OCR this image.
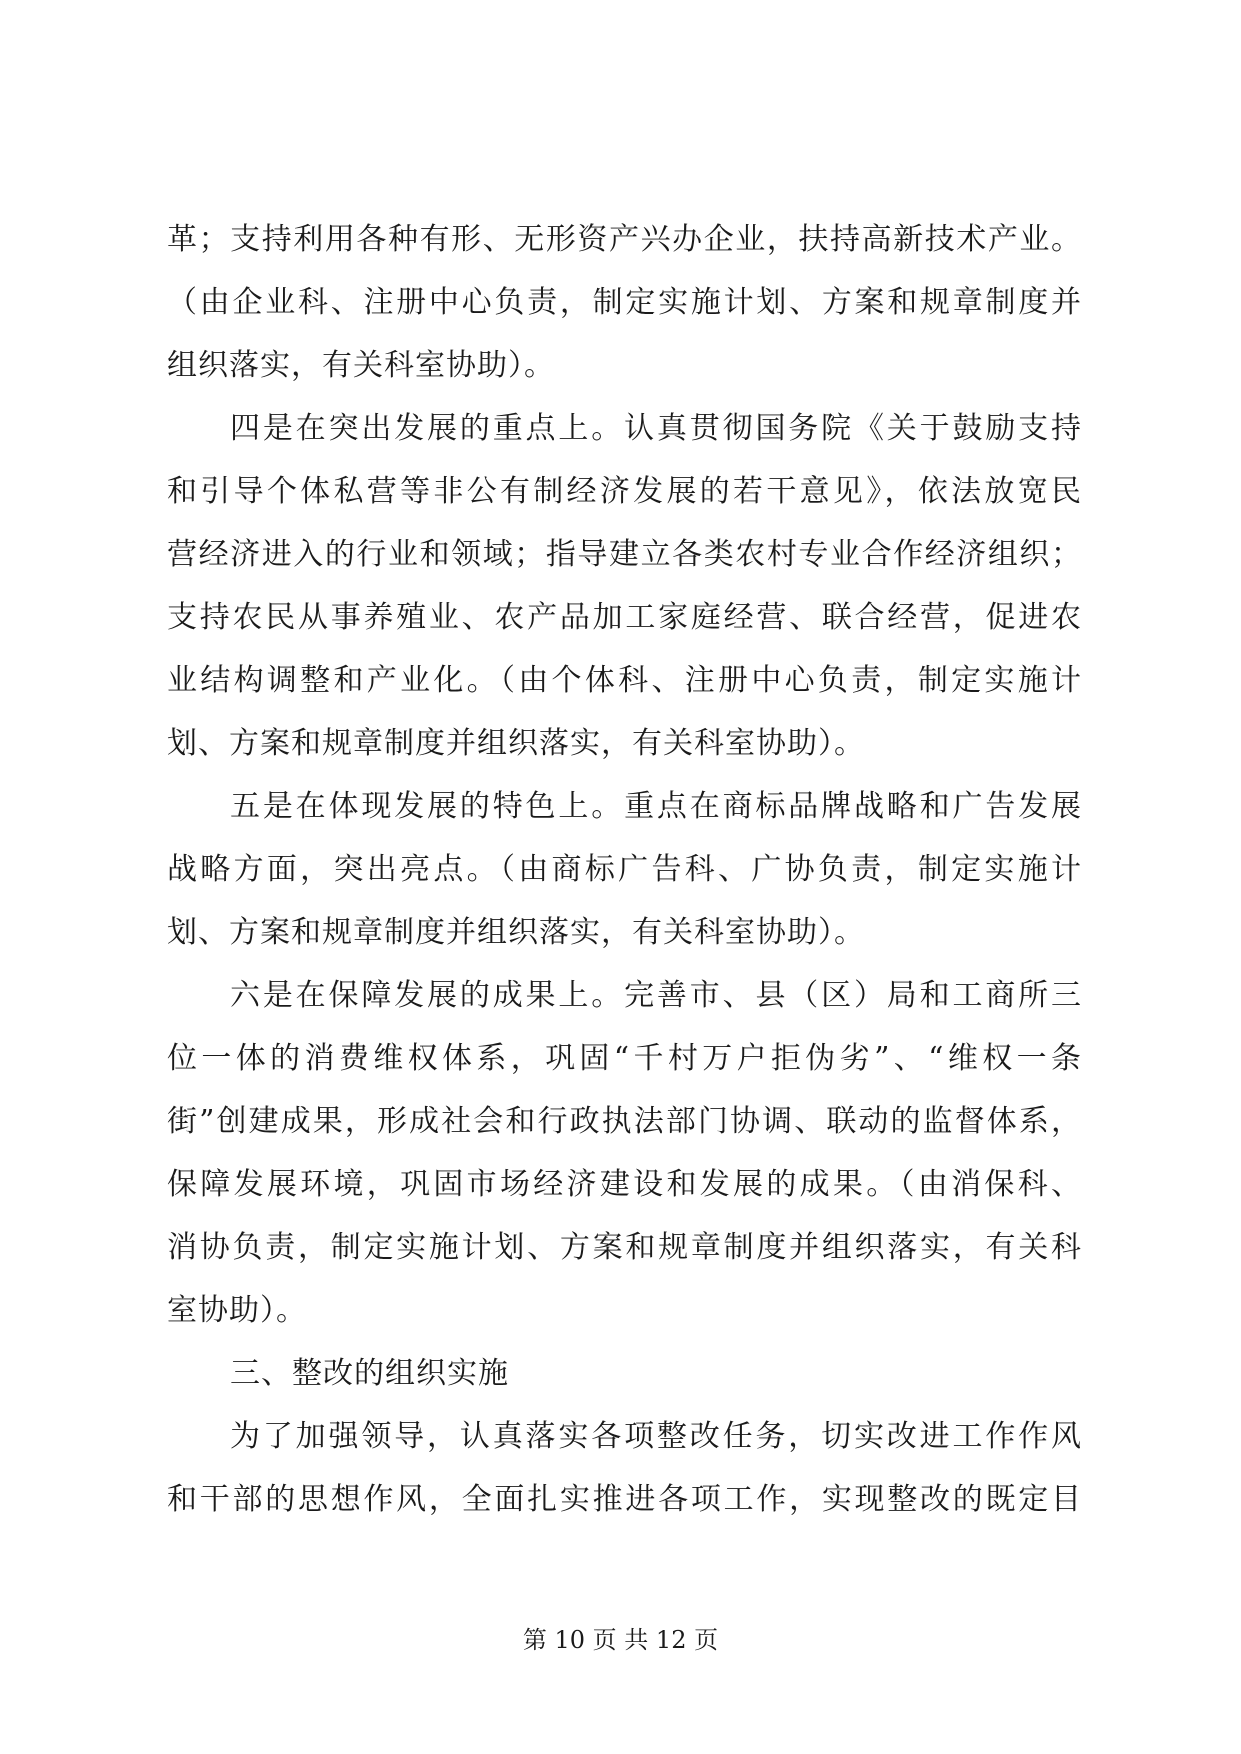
革；支持利用各种有形、无形资产兴办企业，扶持高新技术产业。
（由企业科、注册中心负责，制定实施计划、方案和规章制度并
组织落实，有关科室协助）。
四是在突出发展的重点上。认真贯彻国务院《关于鼓励支持
和引导个体私营等非公有制经济发展的若干意见》，依法放宽民
营经济进入的行业和领域；指导建立各类农村专业合作经济组织；
支持农民从事养殖业、农产品加工家庭经营、联合经营，促进农
业结构调整和产业化。（由个体科、注册中心负责，制定实施计
划、方案和规章制度并组织落实，有关科室协助）。
五是在体现发展的特色上。重点在商标品牌战略和广告发展
战略方面，突出亮点。（由商标广告科、广协负责，制定实施计
划、方案和规章制度并组织落实，有关科室协助）。
六是在保障发展的成果上。完善市、县（区）局和工商所三
位一体的消费维权体系，巩固“千村万户拒伪劣”、“维权一条
街”创建成果，形成社会和行政执法部门协调、联动的监督体系，
保障发展环境，巩固市场经济建设和发展的成果。（由消保科、
消协负责，制定实施计划、方案和规章制度并组织落实，有关科
室协助）。
三、整改的组织实施
为了加强领导，认真落实各项整改任务，切实改进工作作风
和干部的思想作风，全面扎实推进各项工作，实现整改的既定目
第 10 页 共 12 页
